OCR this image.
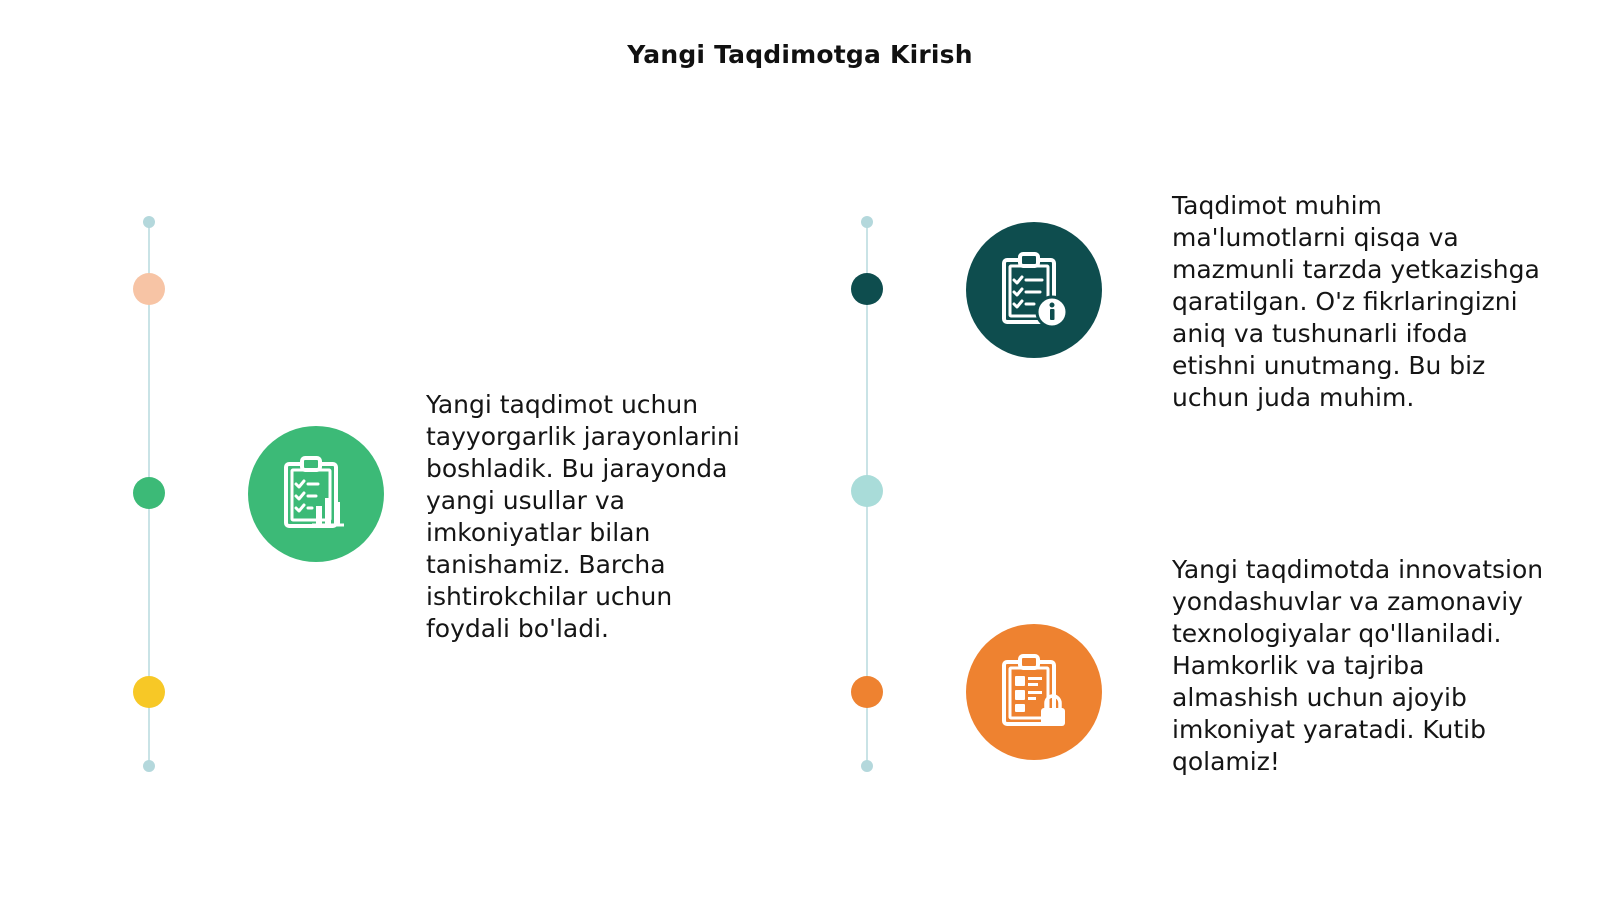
Yangi Taqdimotga Kirish
Yangi taqdimot uchun tayyorgarlik jarayonlarini boshladik. Bu jarayonda yangi usullar va imkoniyatlar bilan tanishamiz. Barcha ishtirokchilar uchun foydali bo'ladi.
Taqdimot muhim ma'lumotlarni qisqa va mazmunli tarzda yetkazishga qaratilgan. O'z fikrlaringizni aniq va tushunarli ifoda etishni unutmang. Bu biz uchun juda muhim.
Yangi taqdimotda innovatsion yondashuvlar va zamonaviy texnologiyalar qo'llaniladi. Hamkorlik va tajriba almashish uchun ajoyib imkoniyat yaratadi. Kutib qolamiz!
